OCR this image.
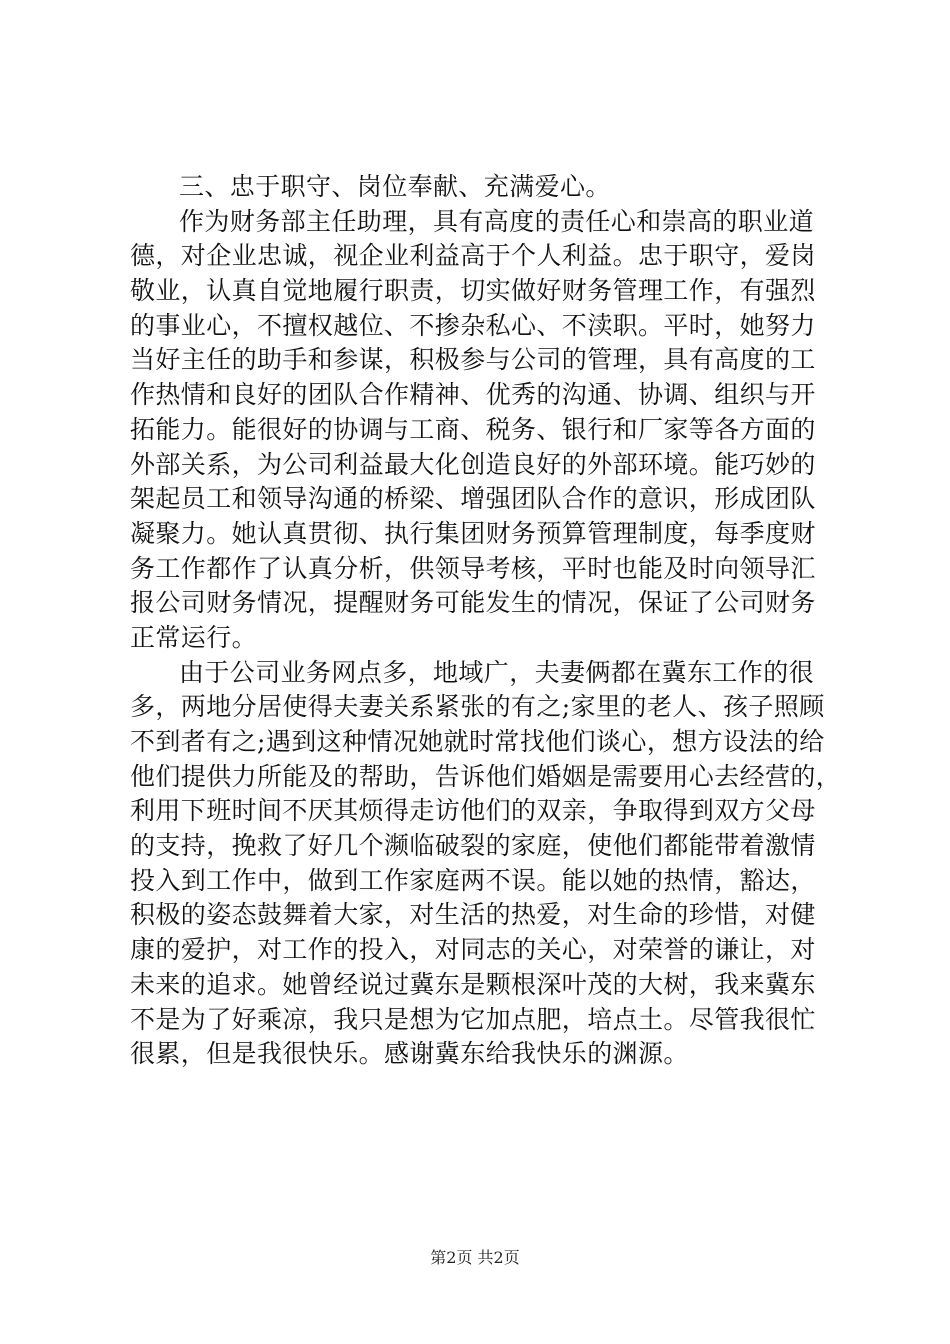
三、忠于职守、岗位奉献、充满爱心。
作为财务部主任助理，具有高度的责任心和崇高的职业道
德，对企业忠诚，视企业利益高于个人利益。忠于职守，爱岗
敬业，认真自觉地履行职责，切实做好财务管理工作，有强烈
的事业心，不擅权越位、不掺杂私心、不渎职。平时，她努力
当好主任的助手和参谋，积极参与公司的管理，具有高度的工
作热情和良好的团队合作精神、优秀的沟通、协调、组织与开
拓能力。能很好的协调与工商、税务、银行和厂家等各方面的
外部关系，为公司利益最大化创造良好的外部环境。能巧妙的
架起员工和领导沟通的桥梁、增强团队合作的意识，形成团队
凝聚力。她认真贯彻、执行集团财务预算管理制度，每季度财
务工作都作了认真分析，供领导考核，平时也能及时向领导汇
报公司财务情况，提醒财务可能发生的情况，保证了公司财务
正常运行。
由于公司业务网点多，地域广，夫妻俩都在冀东工作的很
多，两地分居使得夫妻关系紧张的有之;家里的老人、孩子照顾
不到者有之;遇到这种情况她就时常找他们谈心，想方设法的给
他们提供力所能及的帮助，告诉他们婚姻是需要用心去经营的，
利用下班时间不厌其烦得走访他们的双亲，争取得到双方父母
的支持，挽救了好几个濒临破裂的家庭，使他们都能带着激情
投入到工作中，做到工作家庭两不误。能以她的热情，豁达，
积极的姿态鼓舞着大家，对生活的热爱，对生命的珍惜，对健
康的爱护，对工作的投入，对同志的关心，对荣誉的谦让，对
未来的追求。她曾经说过冀东是颗根深叶茂的大树，我来冀东
不是为了好乘凉，我只是想为它加点肥，培点土。尽管我很忙
很累，但是我很快乐。感谢冀东给我快乐的渊源。
第2页 共2页
